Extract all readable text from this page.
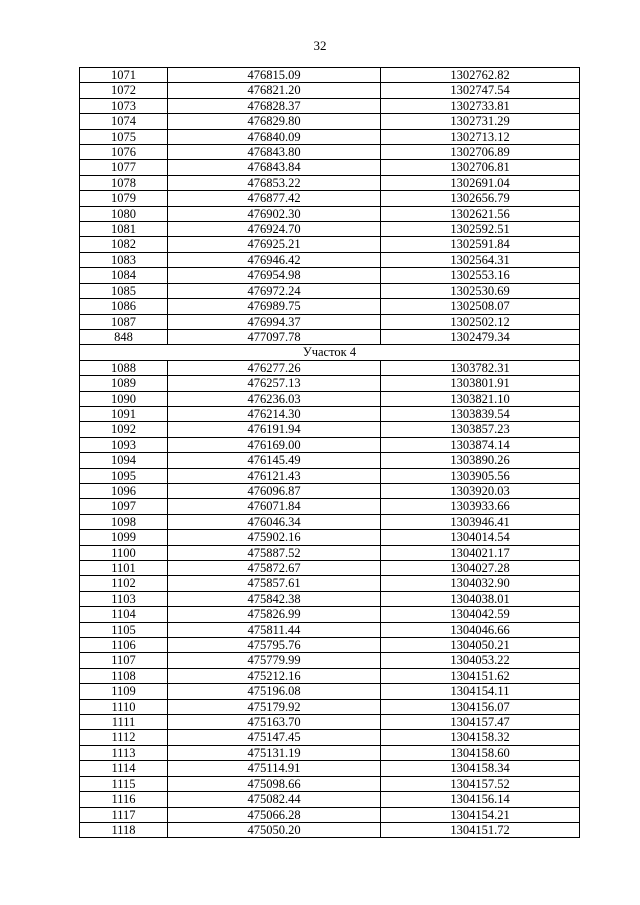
32
1071	476815.09	1302762.82
1072	476821.20	1302747.54
1073	476828.37	1302733.81
1074	476829.80	1302731.29
1075	476840.09	1302713.12
1076	476843.80	1302706.89
1077	476843.84	1302706.81
1078	476853.22	1302691.04
1079	476877.42	1302656.79
1080	476902.30	1302621.56
1081	476924.70	1302592.51
1082	476925.21	1302591.84
1083	476946.42	1302564.31
1084	476954.98	1302553.16
1085	476972.24	1302530.69
1086	476989.75	1302508.07
1087	476994.37	1302502.12
848	477097.78	1302479.34
Участок 4		
1088	476277.26	1303782.31
1089	476257.13	1303801.91
1090	476236.03	1303821.10
1091	476214.30	1303839.54
1092	476191.94	1303857.23
1093	476169.00	1303874.14
1094	476145.49	1303890.26
1095	476121.43	1303905.56
1096	476096.87	1303920.03
1097	476071.84	1303933.66
1098	476046.34	1303946.41
1099	475902.16	1304014.54
1100	475887.52	1304021.17
1101	475872.67	1304027.28
1102	475857.61	1304032.90
1103	475842.38	1304038.01
1104	475826.99	1304042.59
1105	475811.44	1304046.66
1106	475795.76	1304050.21
1107	475779.99	1304053.22
1108	475212.16	1304151.62
1109	475196.08	1304154.11
1110	475179.92	1304156.07
1111	475163.70	1304157.47
1112	475147.45	1304158.32
1113	475131.19	1304158.60
1114	475114.91	1304158.34
1115	475098.66	1304157.52
1116	475082.44	1304156.14
1117	475066.28	1304154.21
1118	475050.20	1304151.72
